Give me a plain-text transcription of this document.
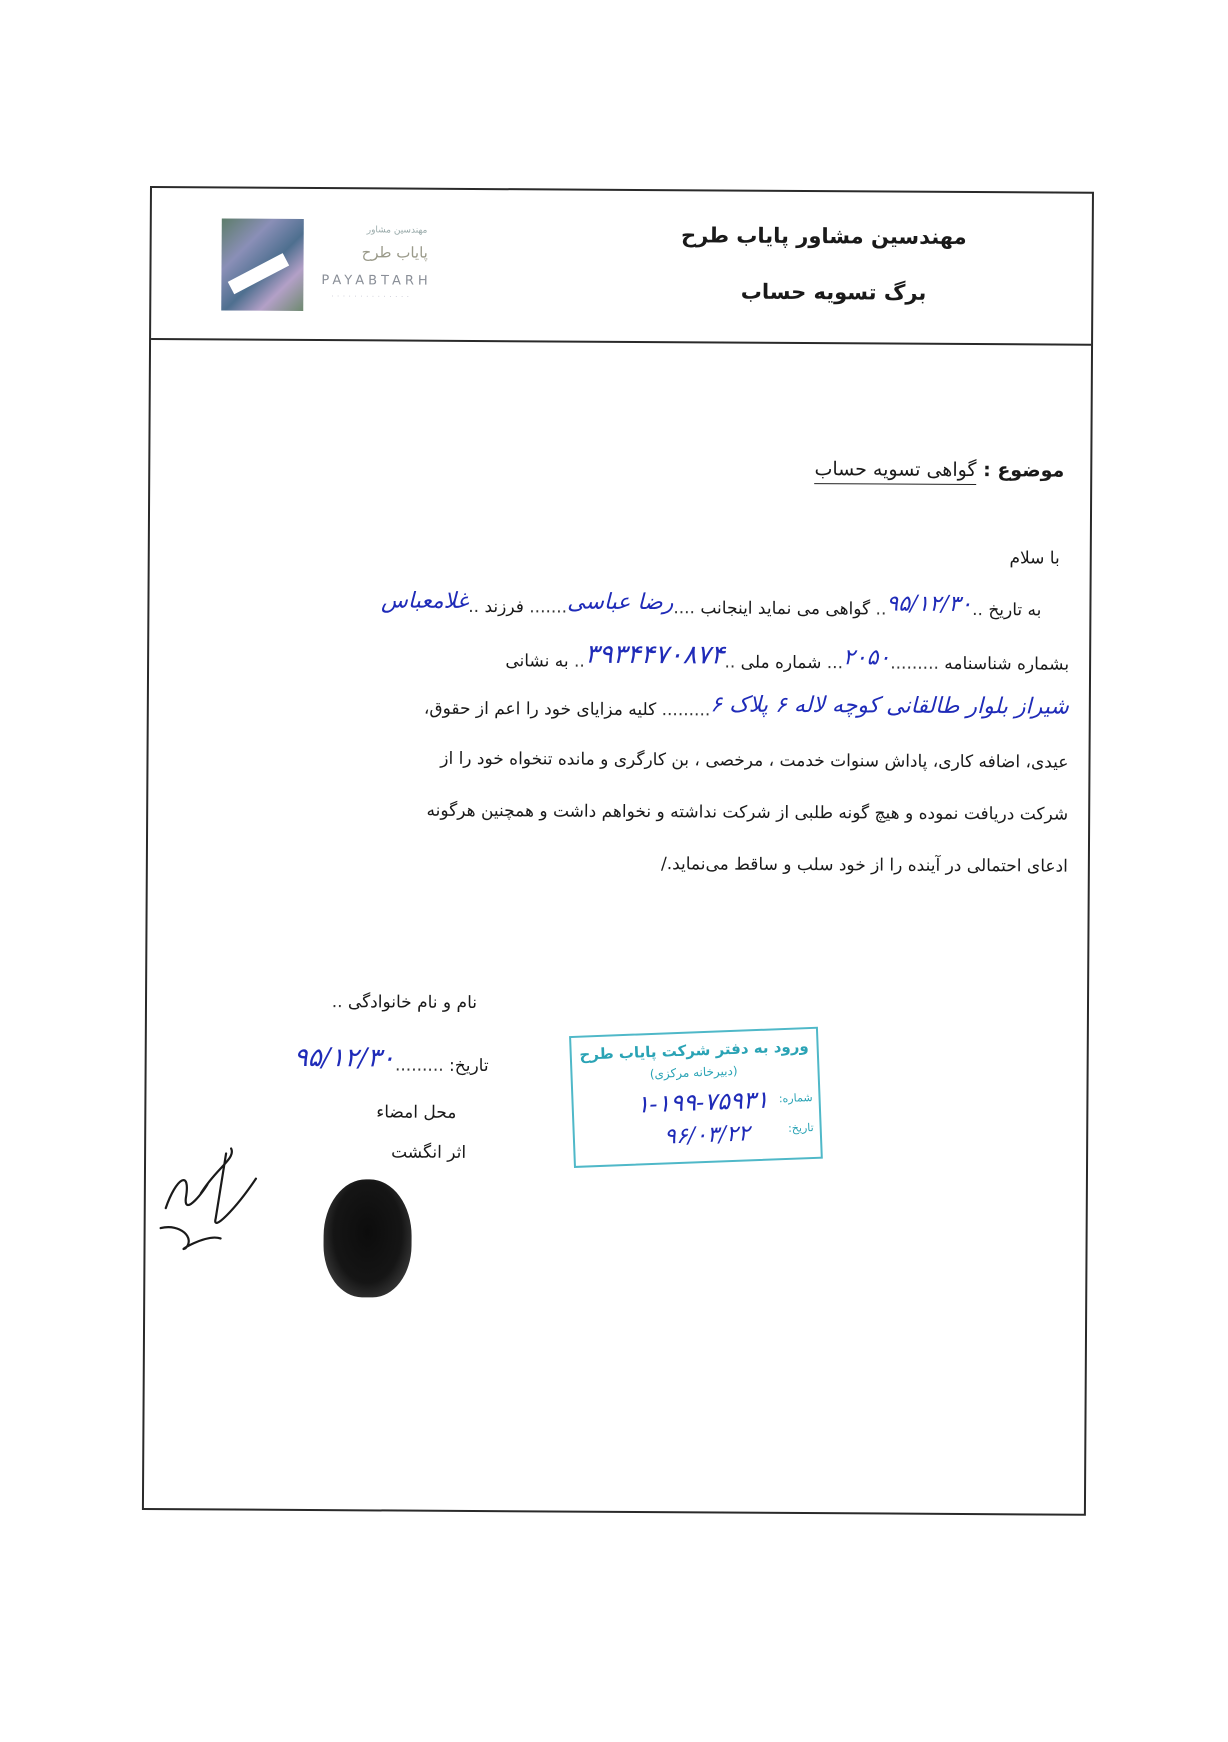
مهندسین مشاور
پایاب طرح
PAYABTARH
· · · · · · · · · · · · · ·
مهندسین مشاور پایاب طرح
برگ تسویه حساب
موضوع : گواهی تسویه حساب
با سلام
به تاریخ ..۹۵/۱۲/۳۰.. گواهی می نماید اینجانب ....رضا عباسی....... فرزند ..غلامعباس
بشماره شناسنامه .........۲۰۵۰... شماره ملی ..۳۹۳۴۴۷۰۸۷۴.. به نشانی
شیراز بلوار طالقانی کوچه لاله ۶ پلاک ۶......... کلیه مزایای خود را اعم از حقوق،
عیدی، اضافه کاری، پاداش سنوات خدمت ، مرخصی ، بن کارگری و مانده تنخواه خود را از
شرکت دریافت نموده و هیچ گونه طلبی از شرکت نداشته و نخواهم داشت و همچنین هرگونه
ادعای احتمالی در آینده را از خود سلب و ساقط می‌نماید./
نام و نام خانوادگی ..
تاریخ: .........۹۵/۱۲/۳۰
محل امضاء
اثر انگشت
ورود به دفتر شرکت پایاب طرح
(دبیرخانه مرکزی)
شماره:
۱-۱۹۹-۷۵۹۳۱
تاریخ:
۹۶/۰۳/۲۲
